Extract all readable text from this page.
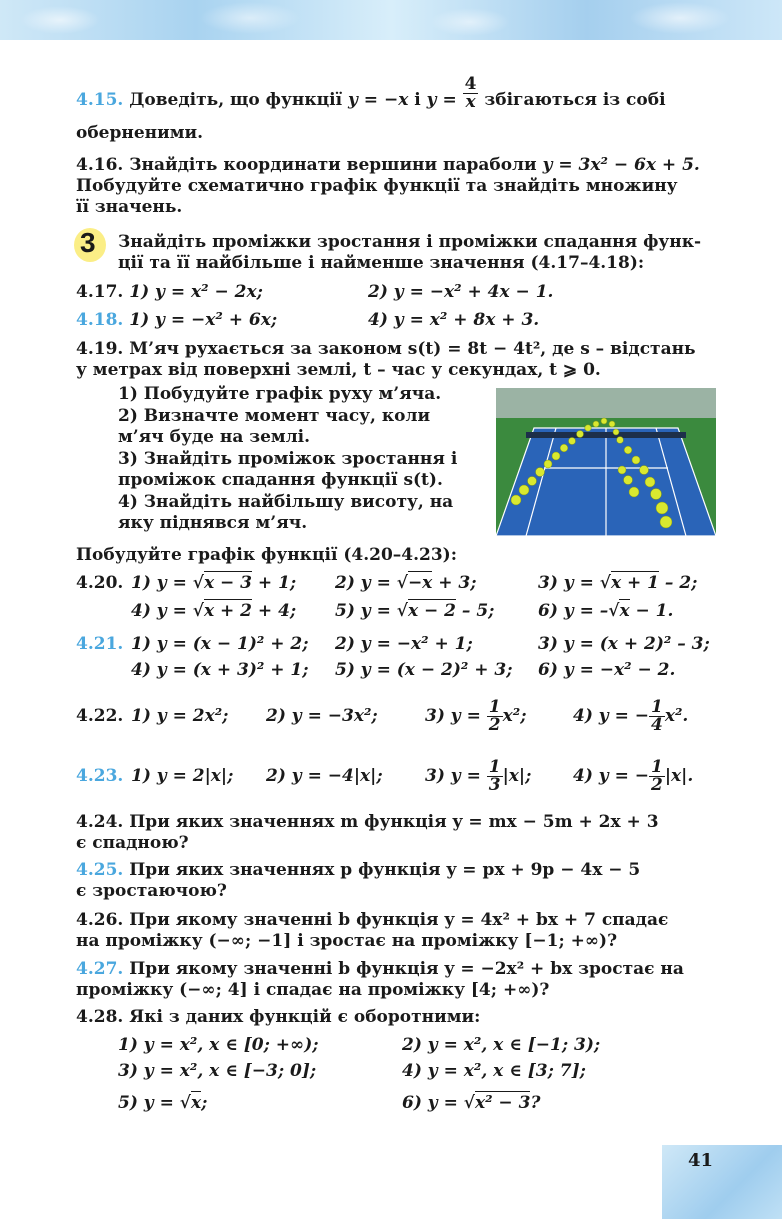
4.15. Доведіть, що функції y = −x і $y = \frac{4}{x}$ збігаються із собі
оберненими.
4.16. Знайдіть координати вершини параболи y = 3x² − 6x + 5.
Побудуйте схематично графік функції та знайдіть множину
її значень.
3 Знайдіть проміжки зростання і проміжки спадання функ-
ції та її найбільше і найменше значення (4.17–4.18):
4.17. 1) y = x² − 2x;	2) y = −x² + 4x − 1.
4.18. 1) y = −x² + 6x;	4) y = x² + 8x + 3.
4.19. М’яч рухається за законом s(t) = 8t − 4t², де s – відстань
у метрах від поверхні землі, t – час у секундах, t ⩾ 0.
1) Побудуйте графік руху м’яча.
2) Визначте момент часу, коли
м’яч буде на землі.
3) Знайдіть проміжок зростання і
проміжок спадання функції s(t).
4) Знайдіть найбільшу висоту, на
яку піднявся м’яч.
Побудуйте графік функції (4.20–4.23):
4.20. 1) y = √x − 3 + 1; 2) y = √−x + 3;	3) y = √x + 1 – 2;
4) y = √x + 2 + 4; 5) y = √x − 2 – 5;	6) y = –√x − 1.
4.21. 1) y = (x − 1)² + 2; 2) y = −x² + 1;	3) y = (x + 2)² – 3;
4) y = (x + 3)² + 1; 5) y = (x − 2)² + 3; 6) y = −x² − 2.
4.22. 1) y = 2x²; 2) y = −3x²;	3) $y = \frac{1}{2} x^2$;	4) y = − $\frac{1}{4} x^2$.
4.23. 1) y = 2|x|; 2) y = −4|x|; 3) $y = \frac{1}{3} |x|$; 4) y = − $\frac{1}{2} |x|$.
4.24. При яких значеннях m функція y = mx − 5m + 2x + 3
є спадною?
4.25. При яких значеннях p функція y = px + 9p − 4x − 5
є зростаючою?
4.26. При якому значенні b функція y = 4x² + bx + 7 спадає
на проміжку (−∞; −1] і зростає на проміжку [−1; +∞)?
4.27. При якому значенні b функція y = −2x² + bx зростає на
проміжку (−∞; 4] і спадає на проміжку [4; +∞)?
4.28. Які з даних функцій є оборотними:
1) y = x², x ∈ [0; +∞);	2) y = x², x ∈ [−1; 3);
3) y = x², x ∈ [−3; 0];	4) y = x², x ∈ [3; 7];
5) y = √x;	6) y = √x² − 3?
41
